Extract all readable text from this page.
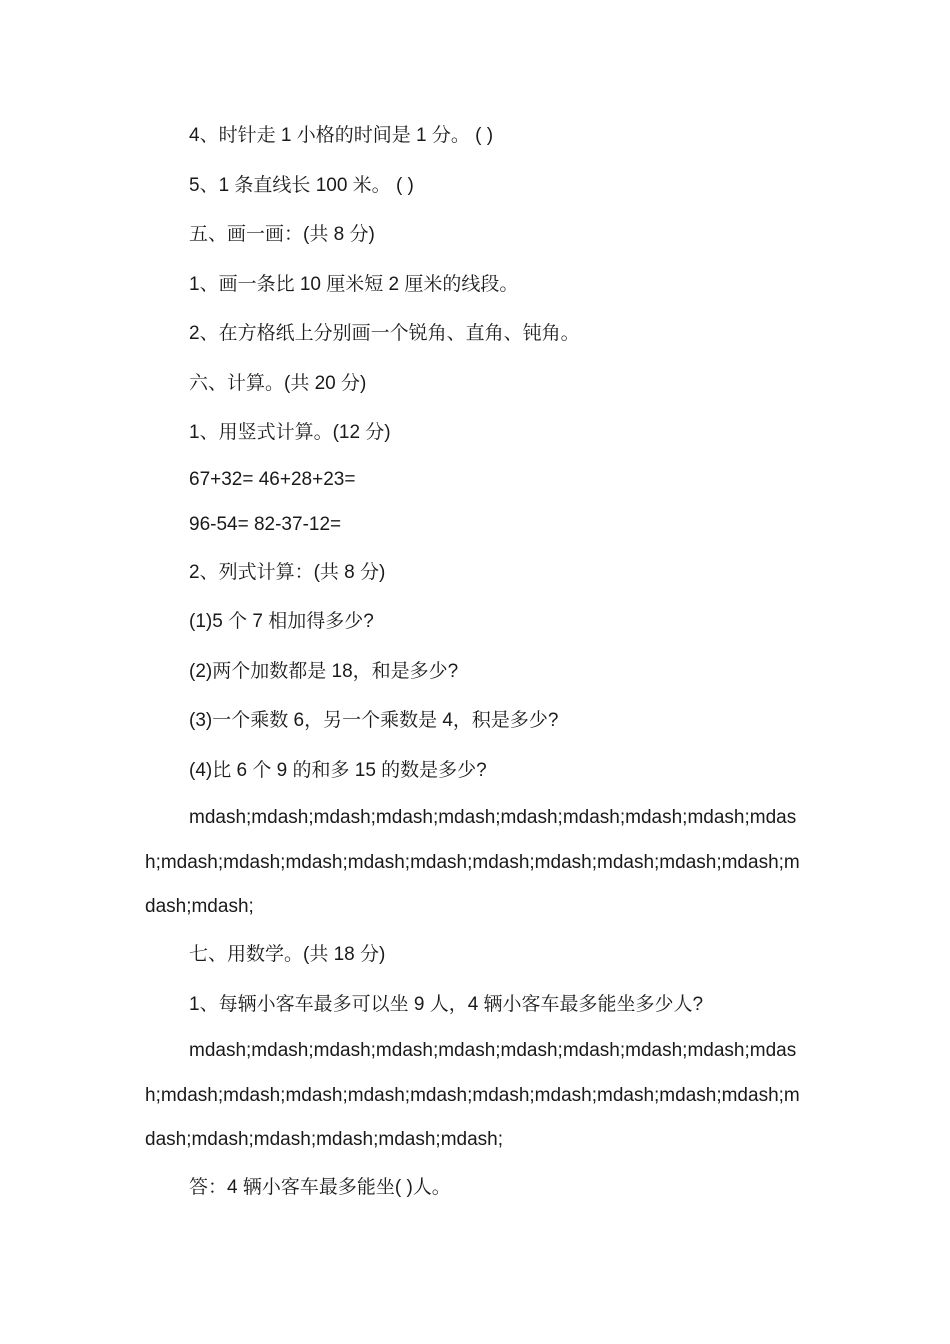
4、时针走 1 小格的时间是 1 分。 ( )
5、1 条直线长 100 米。 ( )
五、画一画：(共 8 分)
1、画一条比 10 厘米短 2 厘米的线段。
2、在方格纸上分别画一个锐角、直角、钝角。
六、计算。(共 20 分)
1、用竖式计算。(12 分)
67+32= 46+28+23=
96-54= 82-37-12=
2、列式计算：(共 8 分)
(1)5 个 7 相加得多少?
(2)两个加数都是 18，和是多少?
(3)一个乘数 6，另一个乘数是 4，积是多少?
(4)比 6 个 9 的和多 15 的数是多少?
mdash;mdash;mdash;mdash;mdash;mdash;mdash;mdash;mdash;mdash;mdash;mdash;mdash;mdash;mdash;mdash;mdash;mdash;mdash;mdash;mdash;mdash;
七、用数学。(共 18 分)
1、每辆小客车最多可以坐 9 人，4 辆小客车最多能坐多少人?
mdash;mdash;mdash;mdash;mdash;mdash;mdash;mdash;mdash;mdash;mdash;mdash;mdash;mdash;mdash;mdash;mdash;mdash;mdash;mdash;mdash;mdash;mdash;mdash;mdash;mdash;
答：4 辆小客车最多能坐( )人。
